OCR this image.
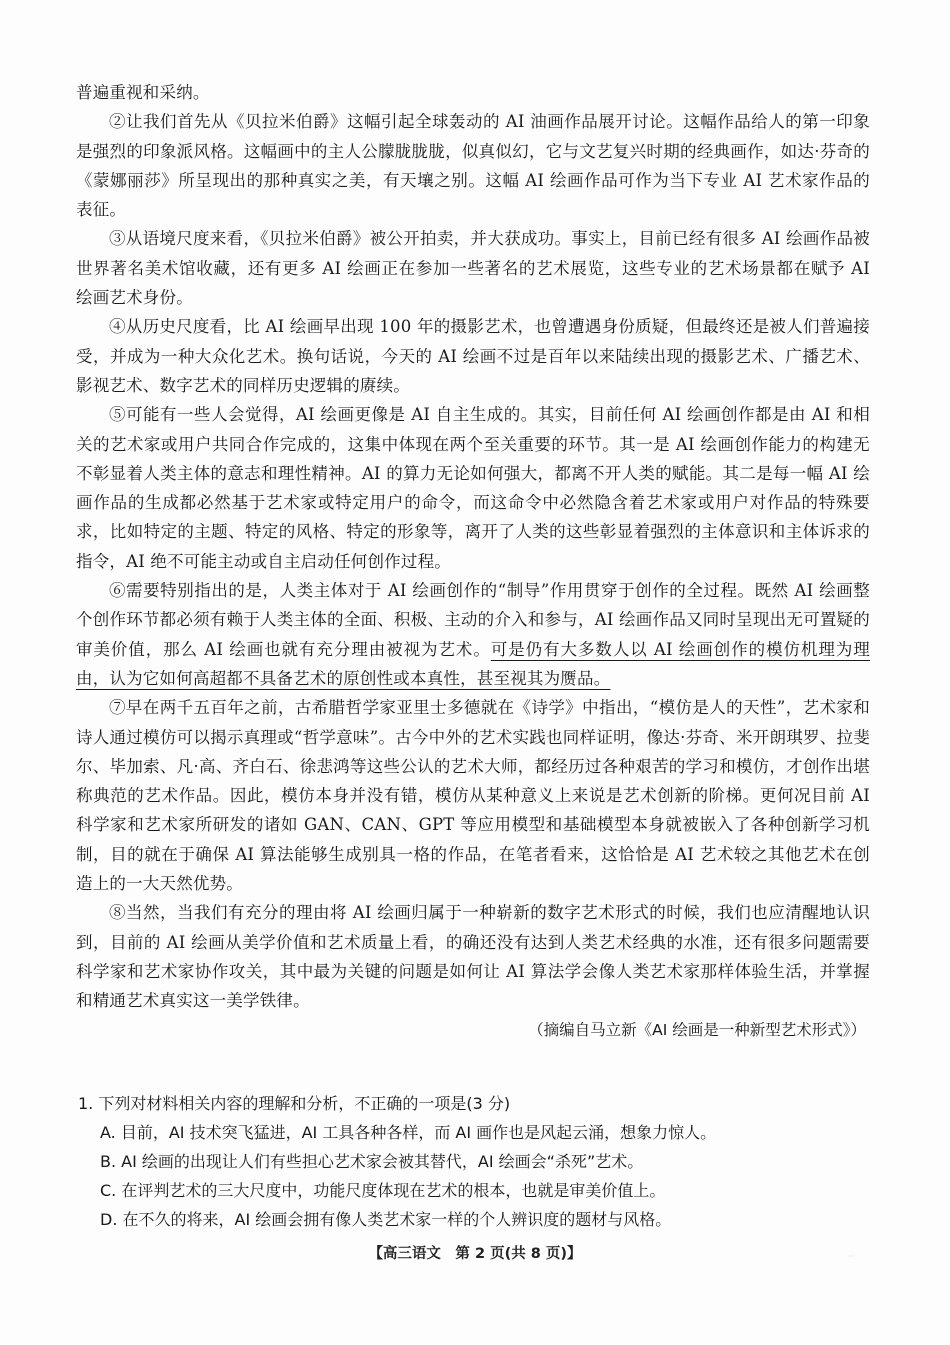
普遍重视和采纳。

②让我们首先从《贝拉米伯爵》这幅引起全球轰动的 AI 油画作品展开讨论。这幅作品给人的第一印象是强烈的印象派风格。这幅画中的主人公朦胧胧胧，似真似幻，它与文艺复兴时期的经典画作，如达·芬奇的《蒙娜丽莎》所呈现出的那种真实之美，有天壤之别。这幅 AI 绘画作品可作为当下专业 AI 艺术家作品的表征。

③从语境尺度来看，《贝拉米伯爵》被公开拍卖，并大获成功。事实上，目前已经有很多 AI 绘画作品被世界著名美术馆收藏，还有更多 AI 绘画正在参加一些著名的艺术展览，这些专业的艺术场景都在赋予 AI 绘画艺术身份。

④从历史尺度看，比 AI 绘画早出现 100 年的摄影艺术，也曾遭遇身份质疑，但最终还是被人们普遍接受，并成为一种大众化艺术。换句话说，今天的 AI 绘画不过是百年以来陆续出现的摄影艺术、广播艺术、影视艺术、数字艺术的同样历史逻辑的赓续。

⑤可能有一些人会觉得，AI 绘画更像是 AI 自主生成的。其实，目前任何 AI 绘画创作都是由 AI 和相关的艺术家或用户共同合作完成的，这集中体现在两个至关重要的环节。其一是 AI 绘画创作能力的构建无不彰显着人类主体的意志和理性精神。AI 的算力无论如何强大，都离不开人类的赋能。其二是每一幅 AI 绘画作品的生成都必然基于艺术家或特定用户的命令，而这命令中必然隐含着艺术家或用户对作品的特殊要求，比如特定的主题、特定的风格、特定的形象等，离开了人类的这些彰显着强烈的主体意识和主体诉求的指令，AI 绝不可能主动或自主启动任何创作过程。

⑥需要特别指出的是，人类主体对于 AI 绘画创作的“制导”作用贯穿于创作的全过程。既然 AI 绘画整个创作环节都必须有赖于人类主体的全面、积极、主动的介入和参与，AI 绘画作品又同时呈现出无可置疑的审美价值，那么 AI 绘画也就有充分理由被视为艺术。可是仍有大多数人以 AI 绘画创作的模仿机理为理由，认为它如何高超都不具备艺术的原创性或本真性，甚至视其为赝品。

⑦早在两千五百年之前，古希腊哲学家亚里士多德就在《诗学》中指出，“模仿是人的天性”，艺术家和诗人通过模仿可以揭示真理或“哲学意味”。古今中外的艺术实践也同样证明，像达·芬奇、米开朗琪罗、拉斐尔、毕加索、凡·高、齐白石、徐悲鸿等这些公认的艺术大师，都经历过各种艰苦的学习和模仿，才创作出堪称典范的艺术作品。因此，模仿本身并没有错，模仿从某种意义上来说是艺术创新的阶梯。更何况目前 AI 科学家和艺术家所研发的诸如 GAN、CAN、GPT 等应用模型和基础模型本身就被嵌入了各种创新学习机制，目的就在于确保 AI 算法能够生成别具一格的作品，在笔者看来，这恰恰是 AI 艺术较之其他艺术在创造上的一大天然优势。

⑧当然，当我们有充分的理由将 AI 绘画归属于一种崭新的数字艺术形式的时候，我们也应清醒地认识到，目前的 AI 绘画从美学价值和艺术质量上看，的确还没有达到人类艺术经典的水准，还有很多问题需要科学家和艺术家协作攻关，其中最为关键的问题是如何让 AI 算法学会像人类艺术家那样体验生活，并掌握和精通艺术真实这一美学铁律。

（摘编自马立新《AI 绘画是一种新型艺术形式》）

1. 下列对材料相关内容的理解和分析，不正确的一项是(3 分)

A. 目前，AI 技术突飞猛进，AI 工具各种各样，而 AI 画作也是风起云涌，想象力惊人。

B. AI 绘画的出现让人们有些担心艺术家会被其替代，AI 绘画会“杀死”艺术。

C. 在评判艺术的三大尺度中，功能尺度体现在艺术的根本，也就是审美价值上。

D. 在不久的将来，AI 绘画会拥有像人类艺术家一样的个人辨识度的题材与风格。

【高三语文　第 2 页(共 8 页)】	··
